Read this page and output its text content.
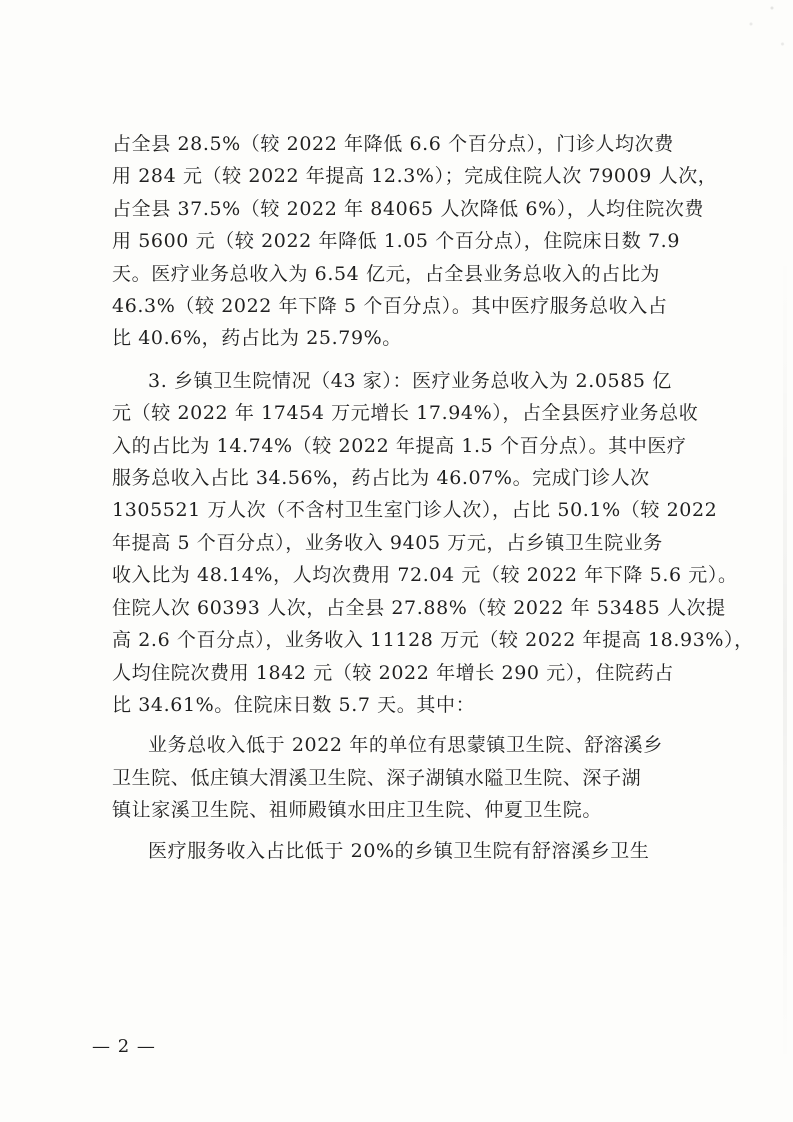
占全县 28.5%（较 2022 年降低 6.6 个百分点），门诊人均次费
用 284 元（较 2022 年提高 12.3%）；完成住院人次 79009 人次，
占全县 37.5%（较 2022 年 84065 人次降低 6%），人均住院次费
用 5600 元（较 2022 年降低 1.05 个百分点），住院床日数 7.9
天。医疗业务总收入为 6.54 亿元，占全县业务总收入的占比为
46.3%（较 2022 年下降 5 个百分点）。其中医疗服务总收入占
比 40.6%，药占比为 25.79%。

3. 乡镇卫生院情况（43 家）：医疗业务总收入为 2.0585 亿
元（较 2022 年 17454 万元增长 17.94%），占全县医疗业务总收
入的占比为 14.74%（较 2022 年提高 1.5 个百分点）。其中医疗
服务总收入占比 34.56%，药占比为 46.07%。完成门诊人次
1305521 万人次（不含村卫生室门诊人次），占比 50.1%（较 2022
年提高 5 个百分点），业务收入 9405 万元，占乡镇卫生院业务
收入比为 48.14%，人均次费用 72.04 元（较 2022 年下降 5.6 元）。
住院人次 60393 人次，占全县 27.88%（较 2022 年 53485 人次提
高 2.6 个百分点），业务收入 11128 万元（较 2022 年提高 18.93%），
人均住院次费用 1842 元（较 2022 年增长 290 元），住院药占
比 34.61%。住院床日数 5.7 天。其中：

业务总收入低于 2022 年的单位有思蒙镇卫生院、舒溶溪乡
卫生院、低庄镇大渭溪卫生院、深子湖镇水隘卫生院、深子湖
镇让家溪卫生院、祖师殿镇水田庄卫生院、仲夏卫生院。

医疗服务收入占比低于 20%的乡镇卫生院有舒溶溪乡卫生

— 2 —
